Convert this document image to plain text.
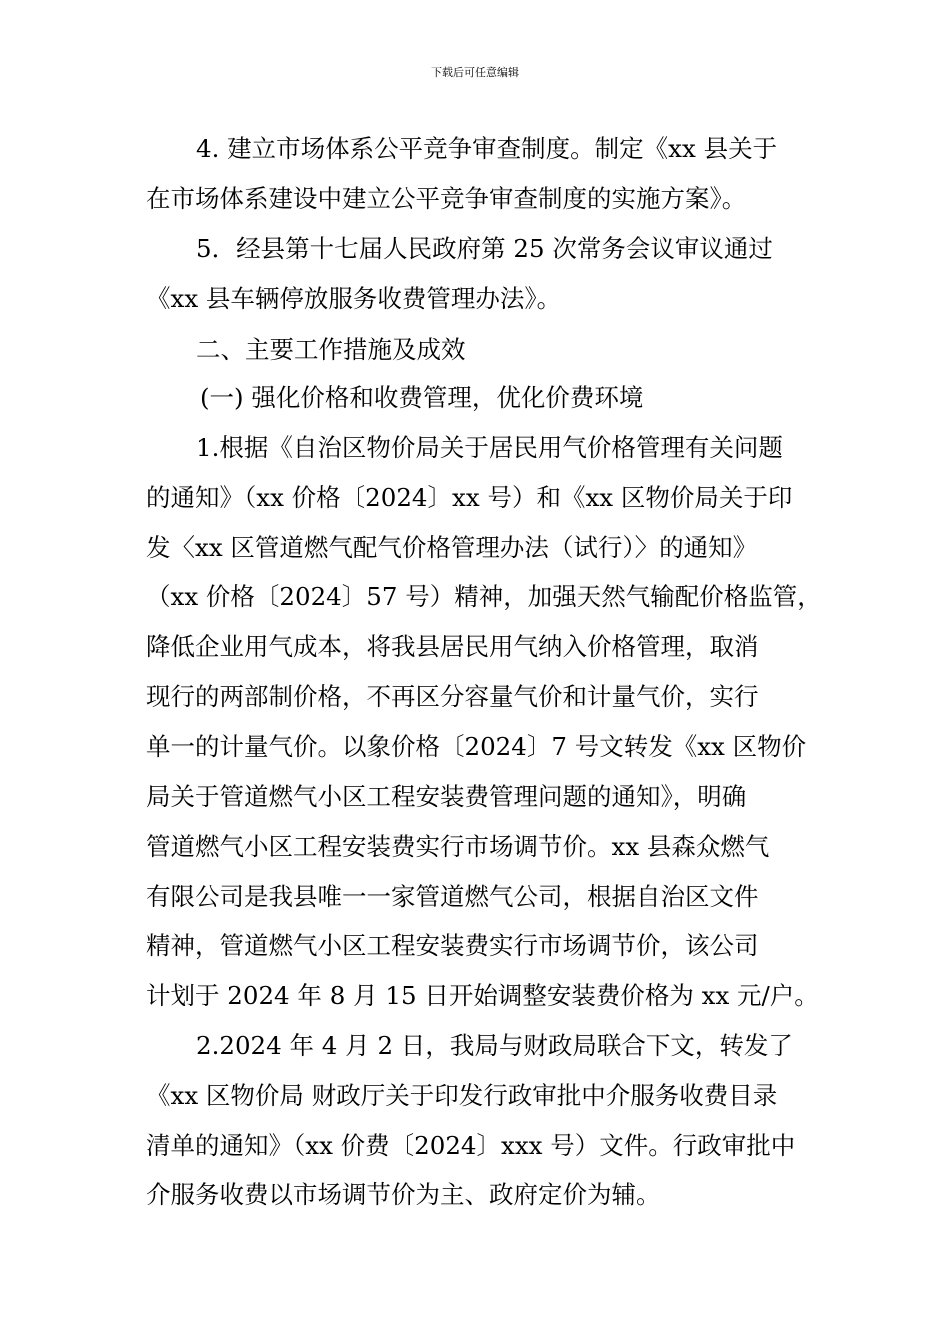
下载后可任意编辑
4. 建立市场体系公平竞争审查制度。制定《xx 县关于
在市场体系建设中建立公平竞争审查制度的实施方案》。
5．经县第十七届人民政府第 25 次常务会议审议通过
《xx 县车辆停放服务收费管理办法》。
二、主要工作措施及成效
(一) 强化价格和收费管理，优化价费环境
1.根据《自治区物价局关于居民用气价格管理有关问题
的通知》（xx 价格〔2024〕xx 号）和《xx 区物价局关于印
发〈xx 区管道燃气配气价格管理办法（试行）〉的通知》
（xx 价格〔2024〕57 号）精神，加强天然气输配价格监管，
降低企业用气成本，将我县居民用气纳入价格管理，取消
现行的两部制价格，不再区分容量气价和计量气价，实行
单一的计量气价。以象价格〔2024〕7 号文转发《xx 区物价
局关于管道燃气小区工程安装费管理问题的通知》，明确
管道燃气小区工程安装费实行市场调节价。xx 县森众燃气
有限公司是我县唯一一家管道燃气公司，根据自治区文件
精神，管道燃气小区工程安装费实行市场调节价，该公司
计划于 2024 年 8 月 15 日开始调整安装费价格为 xx 元/户。
2.2024 年 4 月 2 日，我局与财政局联合下文，转发了
《xx 区物价局 财政厅关于印发行政审批中介服务收费目录
清单的通知》（xx 价费〔2024〕xxx 号）文件。行政审批中
介服务收费以市场调节价为主、政府定价为辅。
